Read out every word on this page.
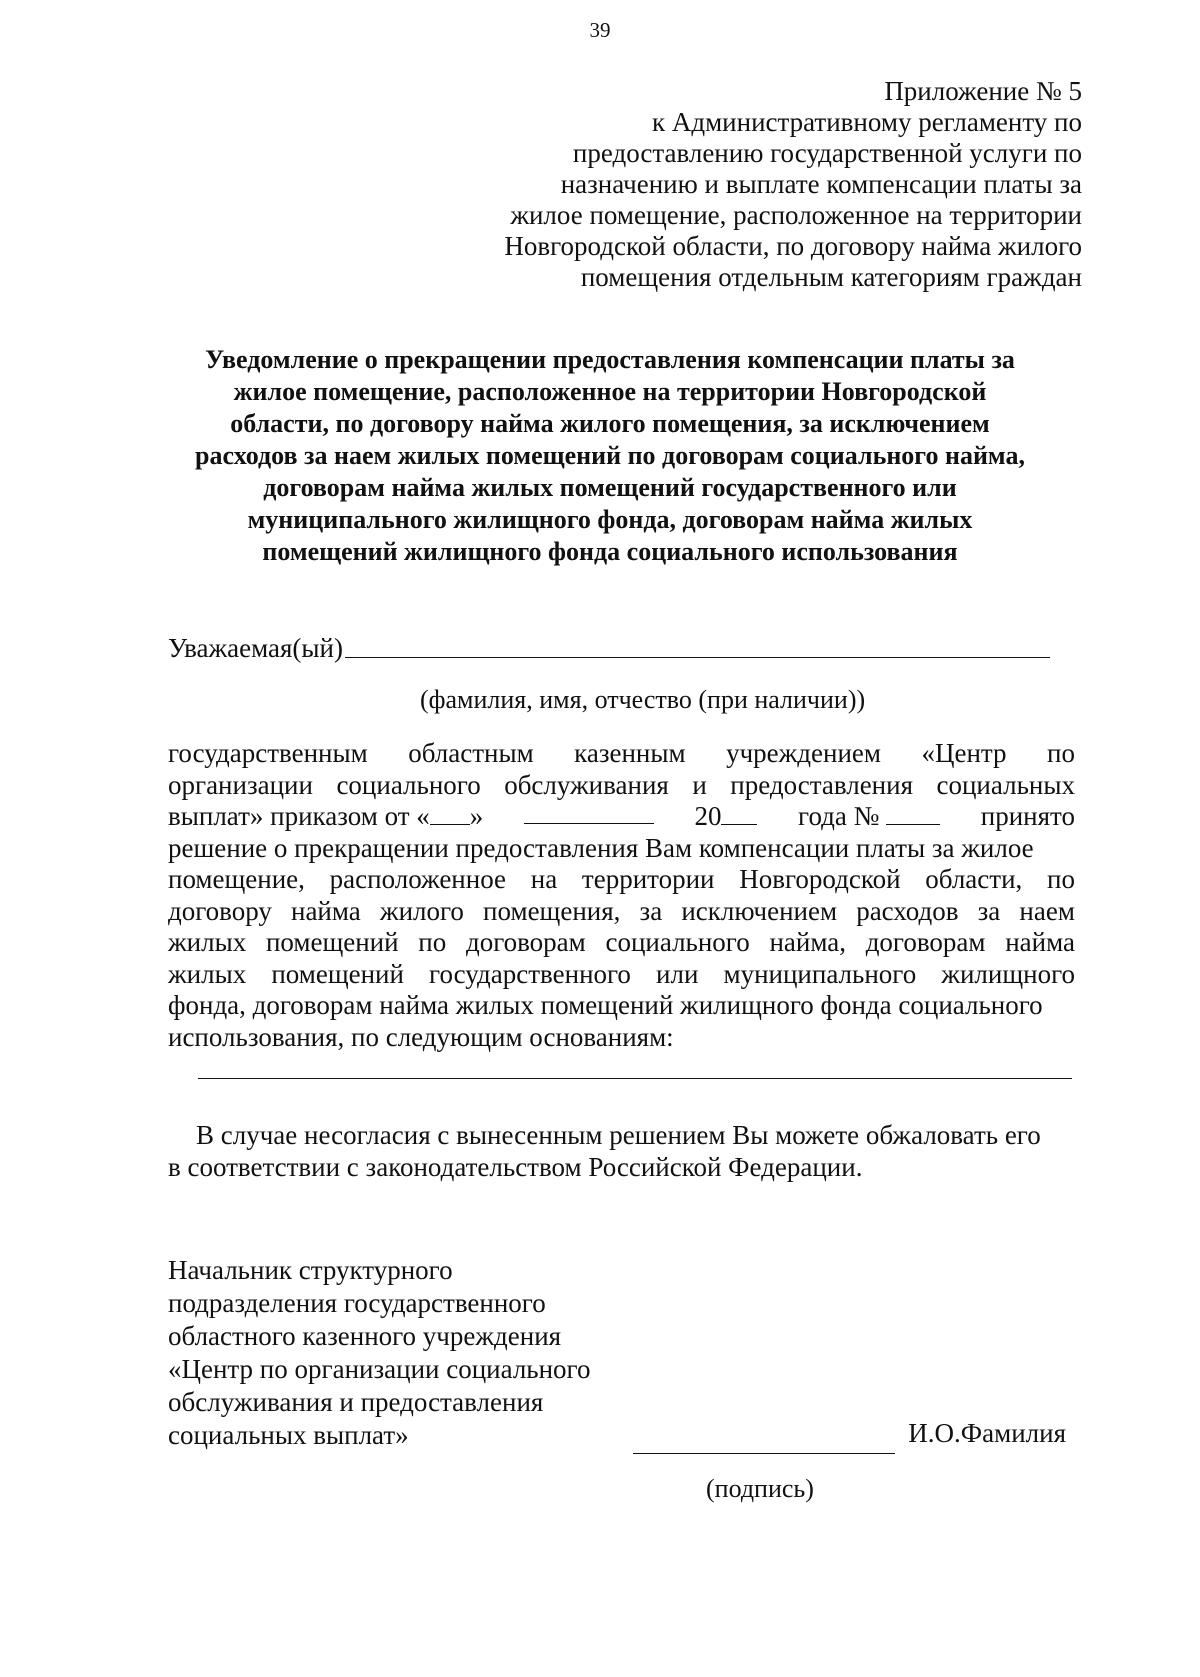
39
Приложение № 5
к Административному регламенту по
предоставлению государственной услуги по
назначению и выплате компенсации платы за
жилое помещение, расположенное на территории
Новгородской области, по договору найма жилого
помещения отдельным категориям граждан
Уведомление о прекращении предоставления компенсации платы за
жилое помещение, расположенное на территории Новгородской
области, по договору найма жилого помещения, за исключением
расходов за наем жилых помещений по договорам социального найма,
договорам найма жилых помещений государственного или
муниципального жилищного фонда, договорам найма жилых
помещений жилищного фонда социального использования
Уважаемая(ый)
(фамилия, имя, отчество (при наличии))
государственным областным казенным учреждением «Центр по
организации социального обслуживания и предоставления социальных
выплат» приказом от « »	20	года №	принято
решение о прекращении предоставления Вам компенсации платы за жилое
помещение, расположенное на территории Новгородской области, по
договору найма жилого помещения, за исключением расходов за наем
жилых помещений по договорам социального найма, договорам найма
жилых помещений государственного или муниципального жилищного
фонда, договорам найма жилых помещений жилищного фонда социального
использования, по следующим основаниям:
В случае несогласия с вынесенным решением Вы можете обжаловать его
в соответствии с законодательством Российской Федерации.
Начальник структурного
подразделения государственного
областного казенного учреждения
«Центр по организации социального
обслуживания и предоставления
социальных выплат»	И.О.Фамилия
(подпись)
